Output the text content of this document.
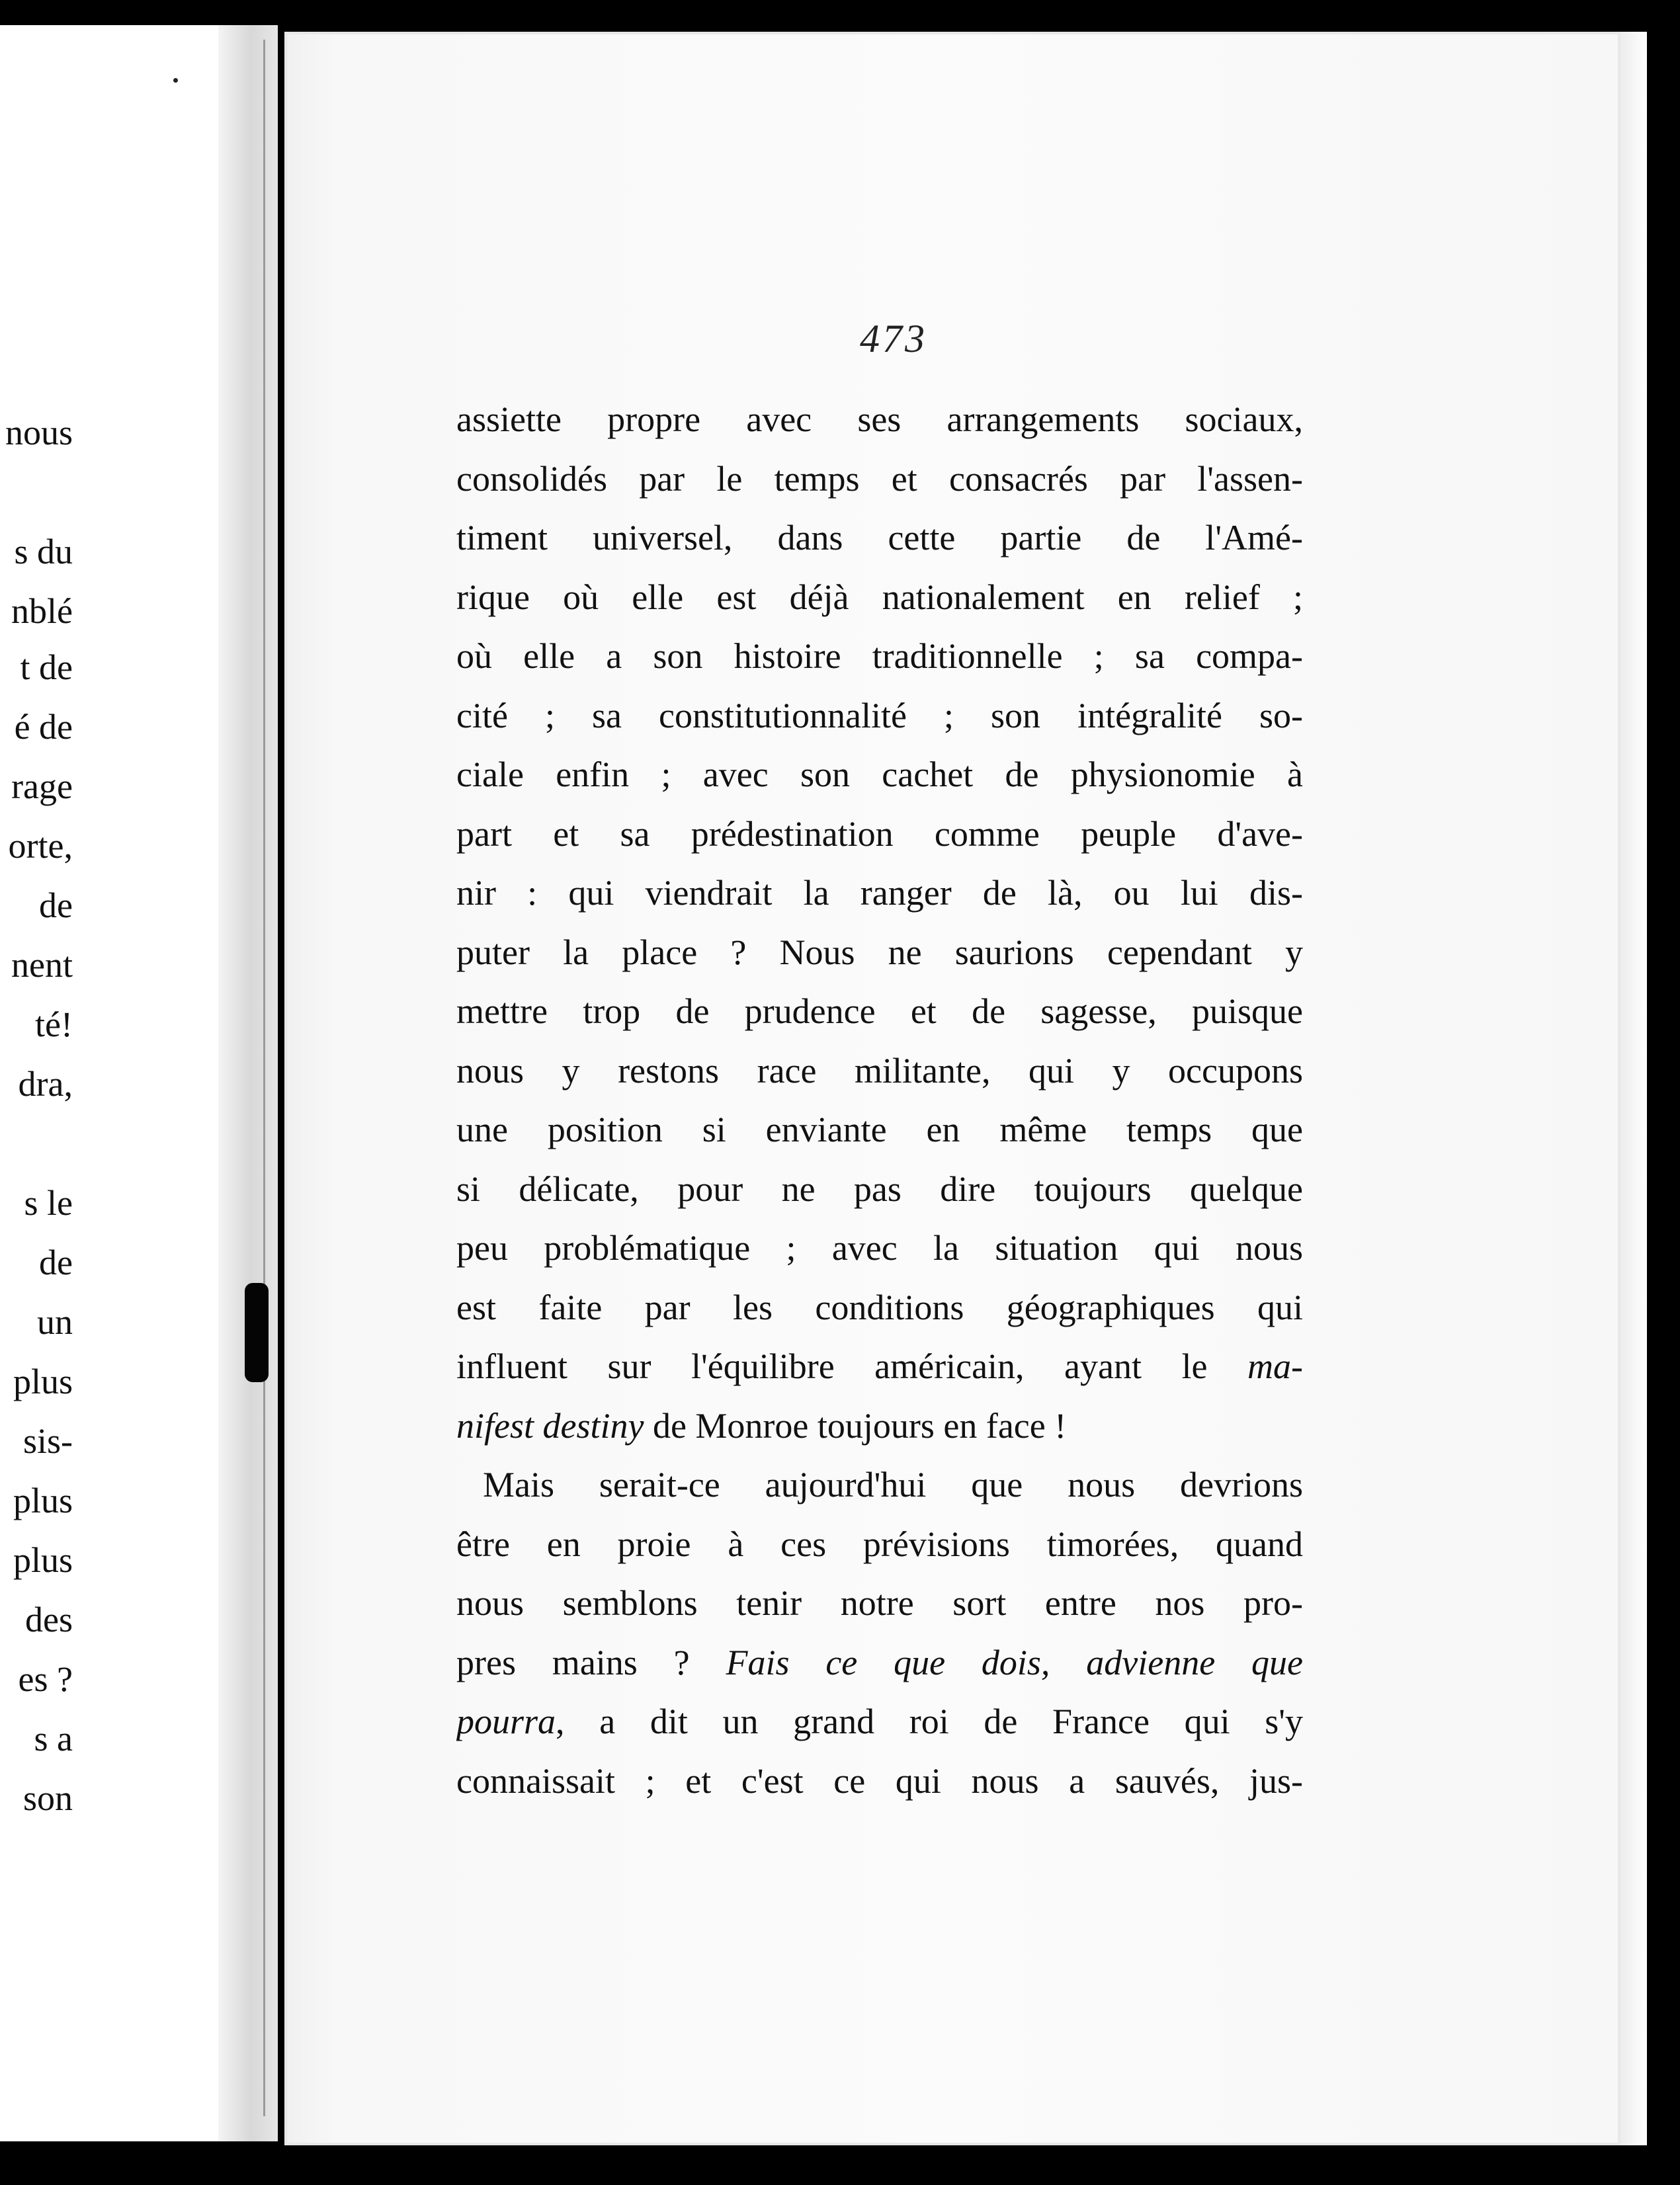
nous
s du
nblé
t de
é de
rage
orte,
de
nent
té!
dra,
s le
de
un
plus
sis-
plus
plus
des
es ?
s a
son
473
assiette propre avec ses arrangements sociaux,
consolidés par le temps et consacrés par l'assen-
timent universel, dans cette partie de l'Amé-
rique où elle est déjà nationalement en relief ;
où elle a son histoire traditionnelle ; sa compa-
cité ; sa constitutionnalité ; son intégralité so-
ciale enfin ; avec son cachet de physionomie à
part et sa prédestination comme peuple d'ave-
nir : qui viendrait la ranger de là, ou lui dis-
puter la place ? Nous ne saurions cependant y
mettre trop de prudence et de sagesse, puisque
nous y restons race militante, qui y occupons
une position si enviante en même temps que
si délicate, pour ne pas dire toujours quelque
peu problématique ; avec la situation qui nous
est faite par les conditions géographiques qui
influent sur l'équilibre américain, ayant le ma-
nifest destiny de Monroe toujours en face !
Mais serait-ce aujourd'hui que nous devrions
être en proie à ces prévisions timorées, quand
nous semblons tenir notre sort entre nos pro-
pres mains ? Fais ce que dois, advienne que
pourra, a dit un grand roi de France qui s'y
connaissait ; et c'est ce qui nous a sauvés, jus-
